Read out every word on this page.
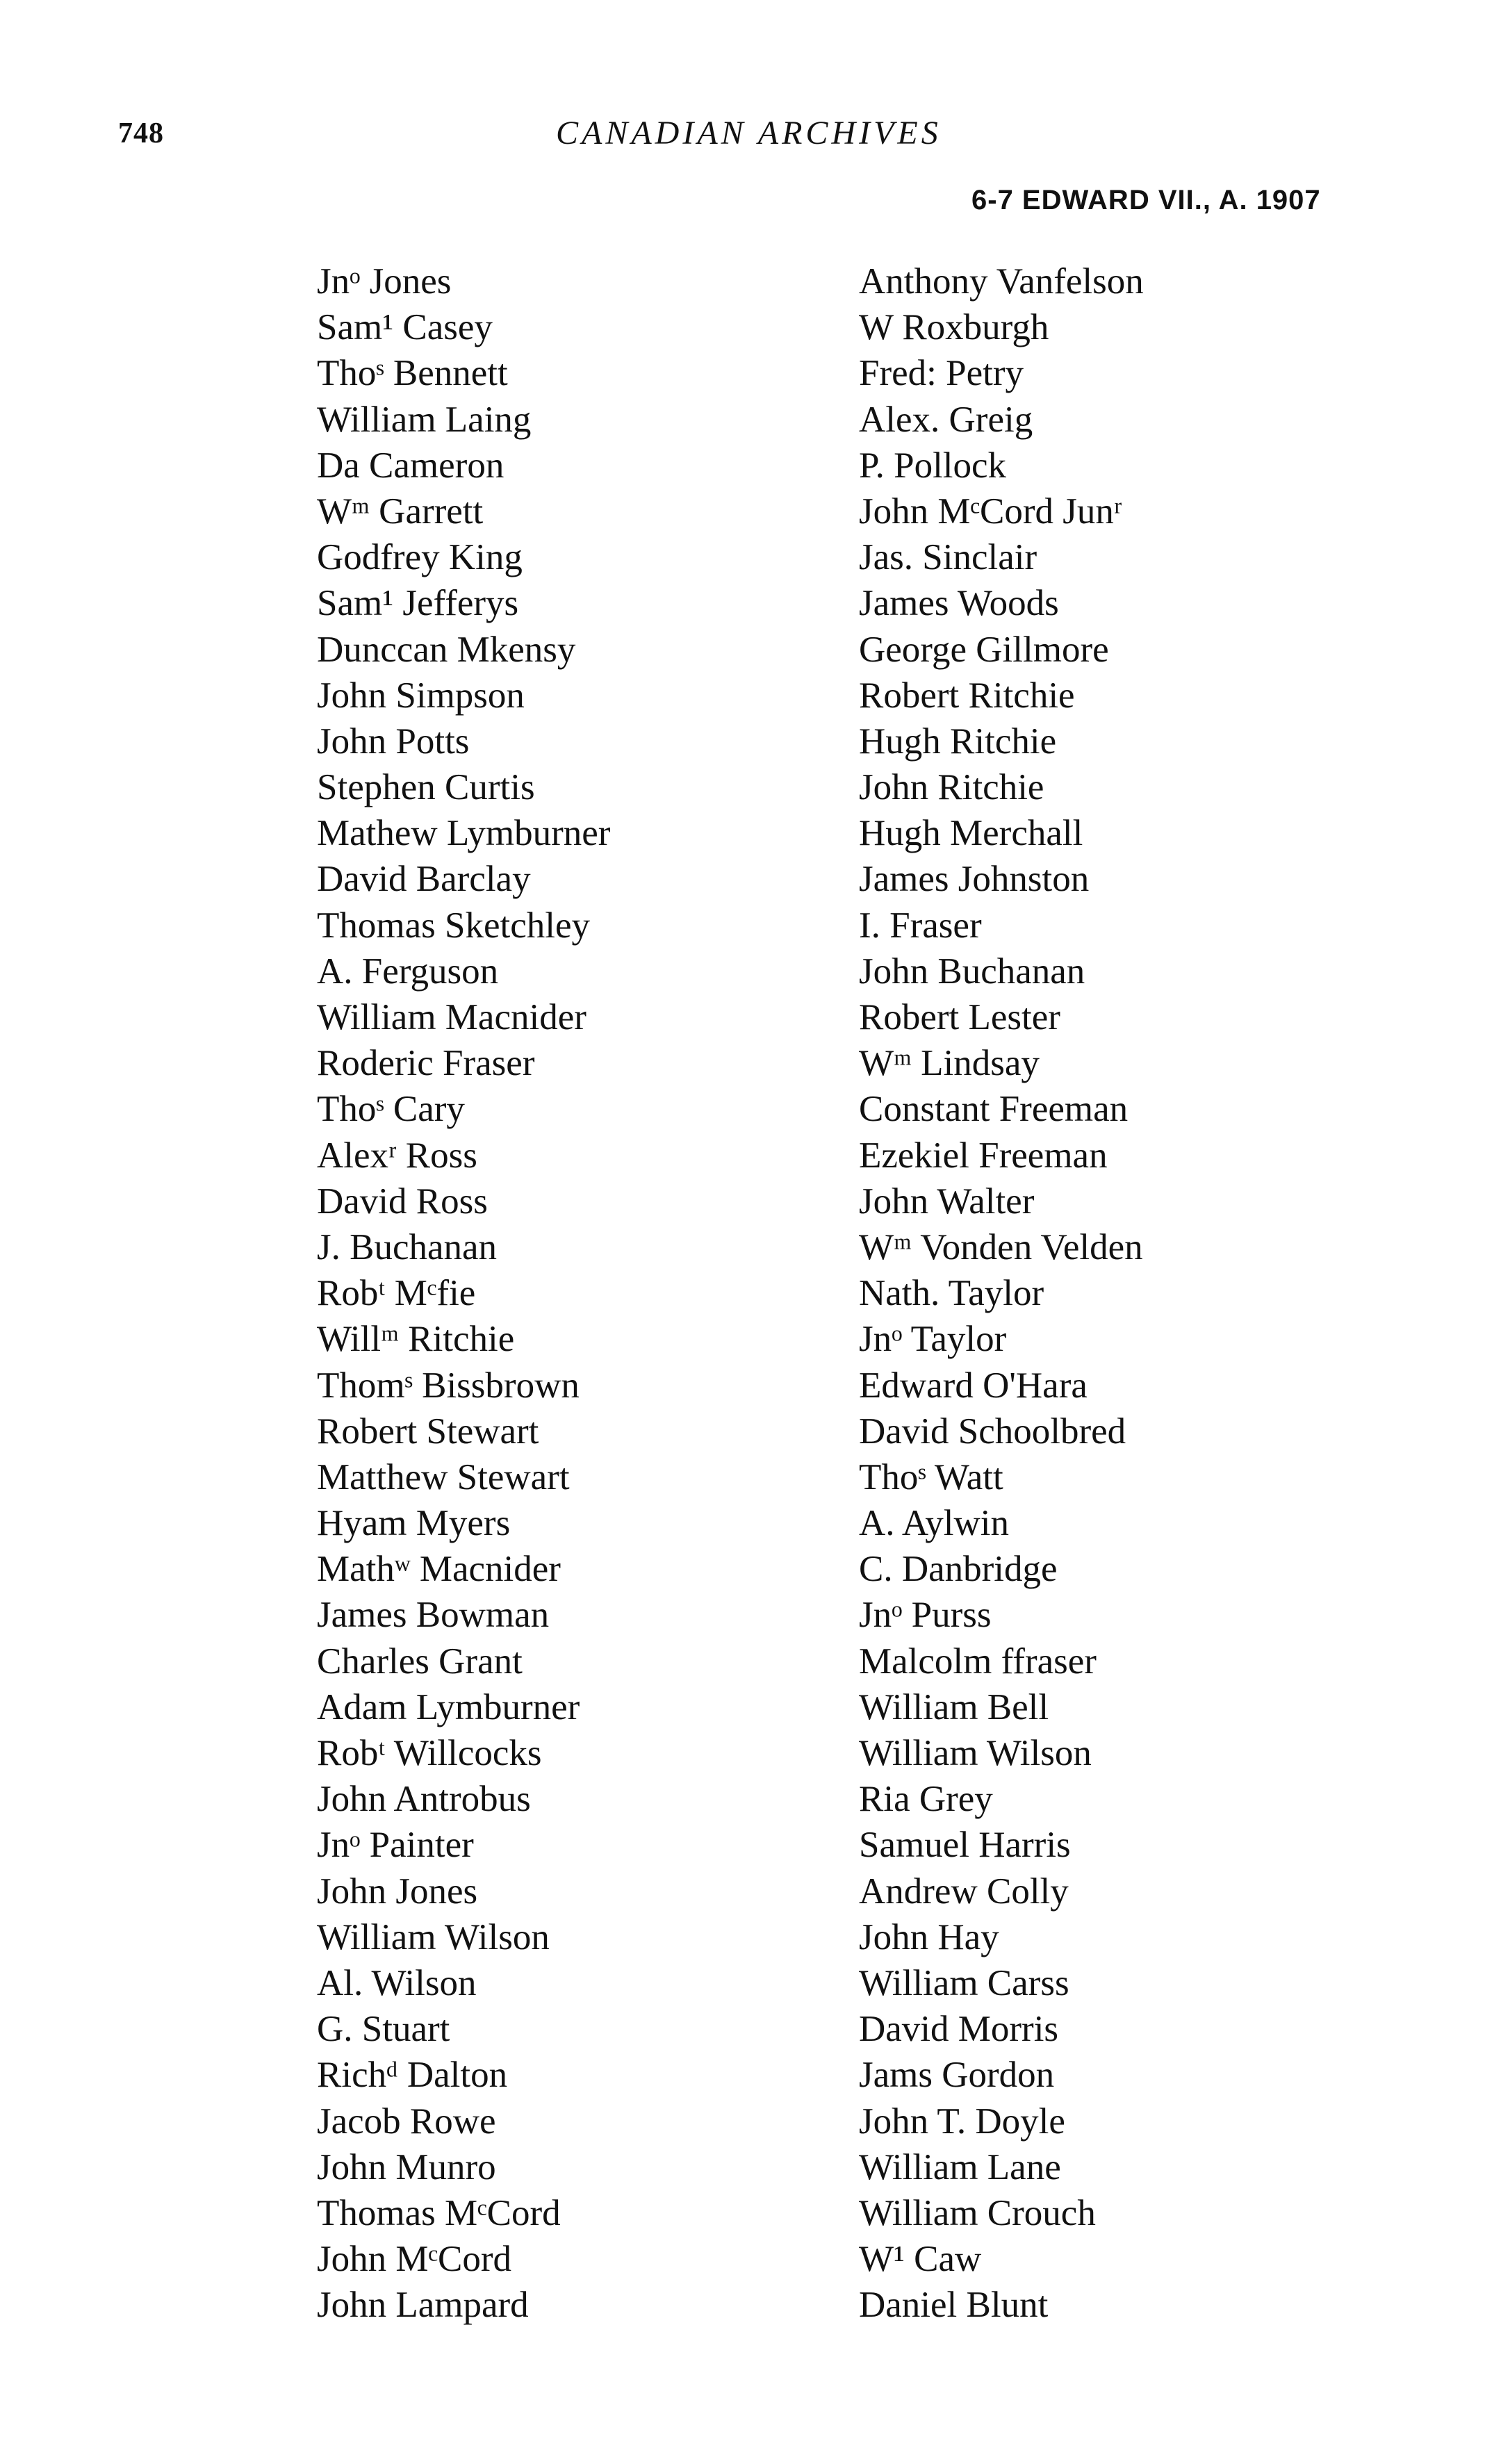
748	CANADIAN ARCHIVES
6-7 EDWARD VII., A. 1907
Jnᵒ Jones
Sam¹ Casey
Thoˢ Bennett
William Laing
Da Cameron
Wᵐ Garrett
Godfrey King
Sam¹ Jefferys
Dunccan Mkensy
John Simpson
John Potts
Stephen Curtis
Mathew Lymburner
David Barclay
Thomas Sketchley
A. Ferguson
William Macnider
Roderic Fraser
Thoˢ Cary
Alexʳ Ross
David Ross
J. Buchanan
Robᵗ Mᶜfie
Willᵐ Ritchie
Thomˢ Bissbrown
Robert Stewart
Matthew Stewart
Hyam Myers
Mathʷ Macnider
James Bowman
Charles Grant
Adam Lymburner
Robᵗ Willcocks
John Antrobus
Jnᵒ Painter
John Jones
William Wilson
Al. Wilson
G. Stuart
Richᵈ Dalton
Jacob Rowe
John Munro
Thomas MᶜCord
John MᶜCord
John Lampard
Anthony Vanfelson
W Roxburgh
Fred: Petry
Alex. Greig
P. Pollock
John MᶜCord Junʳ
Jas. Sinclair
James Woods
George Gillmore
Robert Ritchie
Hugh Ritchie
John Ritchie
Hugh Merchall
James Johnston
I. Fraser
John Buchanan
Robert Lester
Wᵐ Lindsay
Constant Freeman
Ezekiel Freeman
John Walter
Wᵐ Vonden Velden
Nath. Taylor
Jnᵒ Taylor
Edward O'Hara
David Schoolbred
Thoˢ Watt
A. Aylwin
C. Danbridge
Jnᵒ Purss
Malcolm ffraser
William Bell
William Wilson
Ria Grey
Samuel Harris
Andrew Colly
John Hay
William Carss
David Morris
Jams Gordon
John T. Doyle
William Lane
William Crouch
W¹ Caw
Daniel Blunt
